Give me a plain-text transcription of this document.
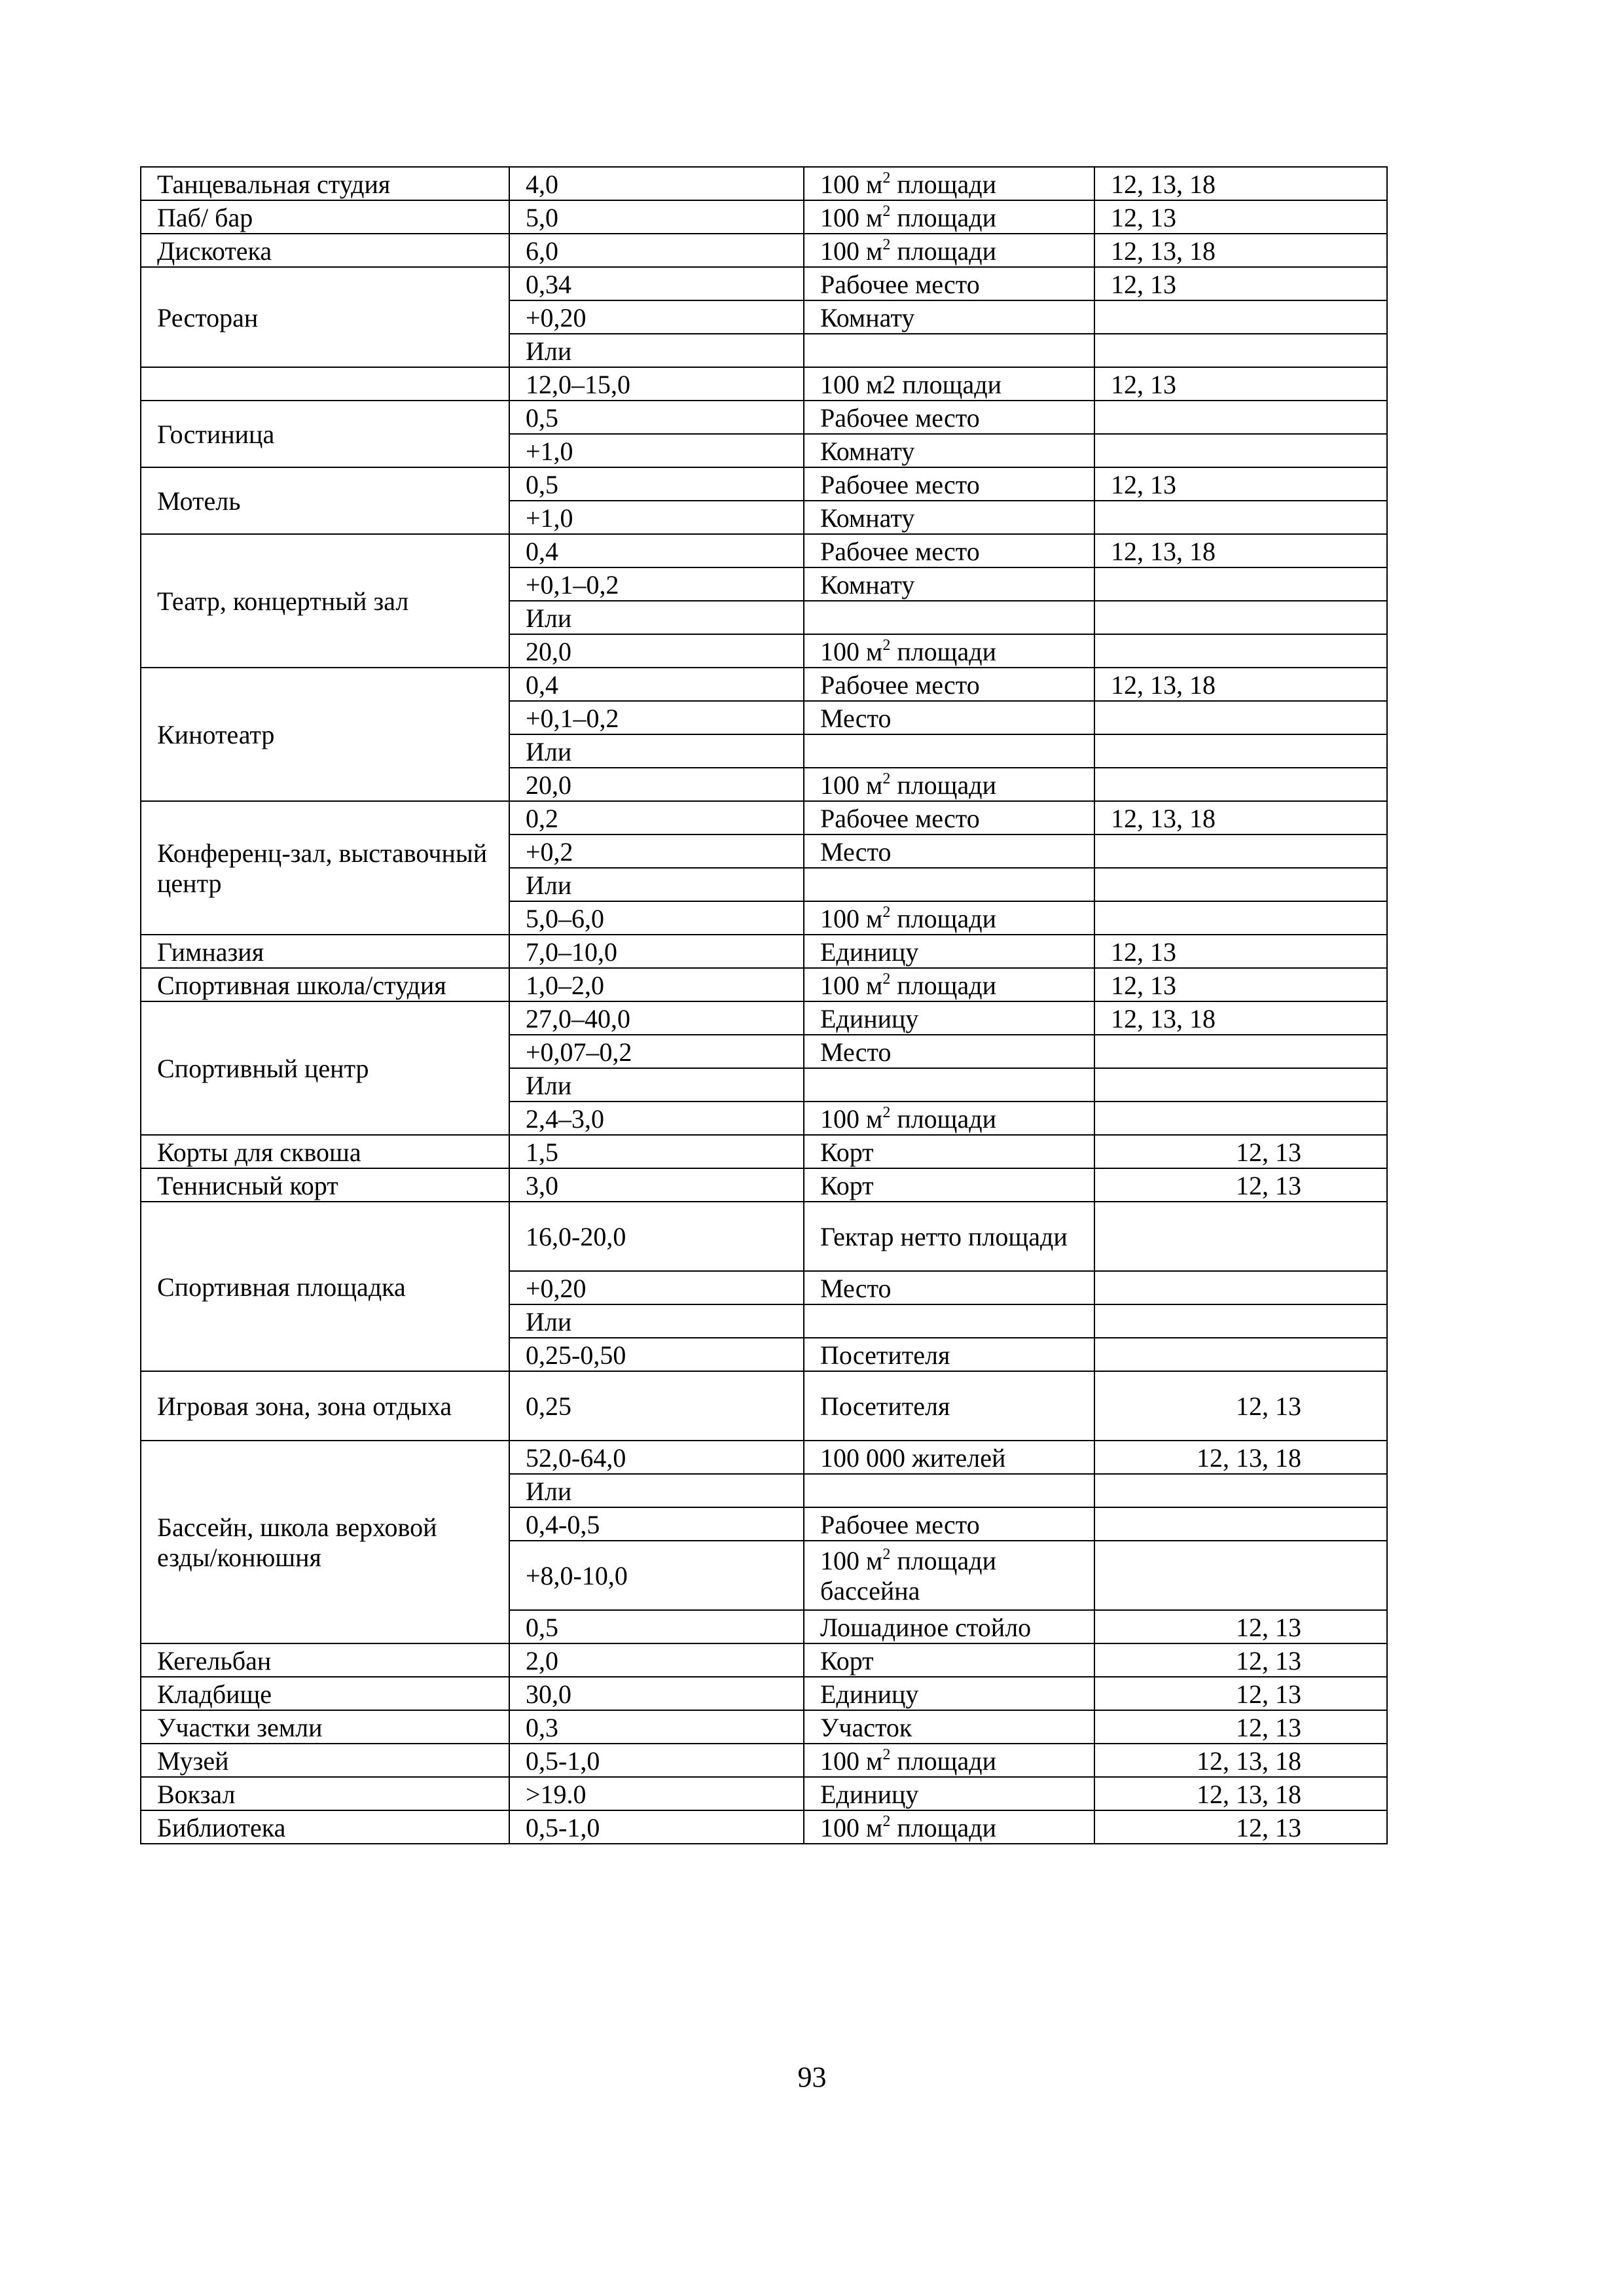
Танцевальная студия	4,0	100 $м^2$ площади	12, 13, 18
Паб/ бар	5,0	100 $м^2$ площади	12, 13
Дискотека	6,0	100 $м^2$ площади	12, 13, 18
Ресторан	0,34	Рабочее место	12, 13
	+0,20	Комнату	
	Или		
	12,0–15,0	100 м2 площади	12, 13
Гостиница	0,5	Рабочее место	
	+1,0	Комнату	
Мотель	0,5	Рабочее место	12, 13
	+1,0	Комнату	
Театр, концертный зал	0,4	Рабочее место	12, 13, 18
	+0,1–0,2	Комнату	
	Или		
	20,0	100 $м^2$ площади	
Кинотеатр	0,4	Рабочее место	12, 13, 18
	+0,1–0,2	Место	
	Или		
	20,0	100 $м^2$ площади	
Конференц-зал, выставочный центр	0,2	Рабочее место	12, 13, 18
	+0,2	Место	
	Или		
	5,0–6,0	100 $м^2$ площади	
Гимназия	7,0–10,0	Единицу	12, 13
Спортивная школа/студия	1,0–2,0	100 $м^2$ площади	12, 13
Спортивный центр	27,0–40,0	Единицу	12, 13, 18
	+0,07–0,2	Место	
	Или		
	2,4–3,0	100 $м^2$ площади	
Корты для сквоша	1,5	Корт	12, 13
Теннисный корт	3,0	Корт	12, 13
Спортивная площадка	16,0-20,0	Гектар нетто площади	
	+0,20	Место	
	Или		
	0,25-0,50	Посетителя	
Игровая зона, зона отдыха	0,25	Посетителя	12, 13
Бассейн, школа верховой езды/конюшня	52,0-64,0	100 000 жителей	12, 13, 18
	Или		
	0,4-0,5	Рабочее место	
	+8,0-10,0	100 $м^2$ площади бассейна	
	0,5	Лошадиное стойло	12, 13
Кегельбан	2,0	Корт	12, 13
Кладбище	30,0	Единицу	12, 13
Участки земли	0,3	Участок	12, 13
Музей	0,5-1,0	100 $м^2$ площади	12, 13, 18
Вокзал	>19.0	Единицу	12, 13, 18
Библиотека	0,5-1,0	100 $м^2$ площади	12, 13
93
